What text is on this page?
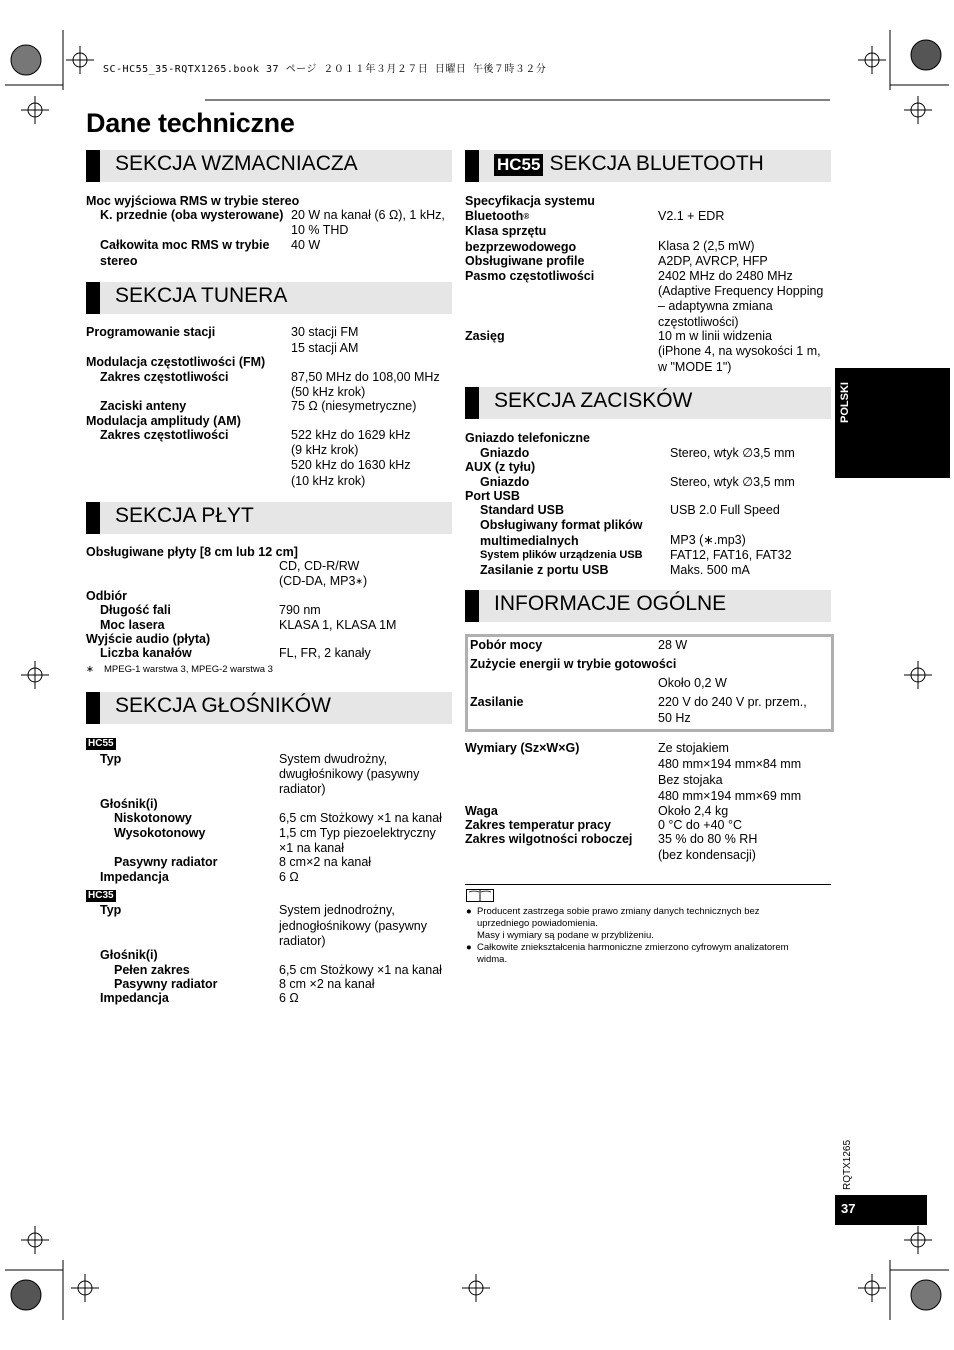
SC-HC55_35-RQTX1265.book 37 ページ ２０１１年３月２７日 日曜日 午後７時３２分
Dane techniczne
SEKCJA WZMACNIACZA
Moc wyjściowa RMS w trybie stereo
K. przednie (oba wysterowane) 20 W na kanał (6 Ω), 1 kHz,
10 % THD
Całkowita moc RMS w trybie
stereo
40 W
SEKCJA TUNERA
Programowanie stacji	30 stacji FM
15 stacji AM
Modulacja częstotliwości (FM)
Zakres częstotliwości	87,50 MHz do 108,00 MHz
(50 kHz krok)
Zaciski anteny	75 Ω (niesymetryczne)
Modulacja amplitudy (AM)
Zakres częstotliwości	522 kHz do 1629 kHz
(9 kHz krok)
520 kHz do 1630 kHz
(10 kHz krok)
SEKCJA PŁYT
Obsługiwane płyty [8 cm lub 12 cm]
CD, CD-R/RW
(CD-DA, MP3∗)
Odbiór
Długość fali	790 nm
Moc lasera	KLASA 1, KLASA 1M
Wyjście audio (płyta)
Liczba kanałów	FL, FR, 2 kanały
∗ MPEG-1 warstwa 3, MPEG-2 warstwa 3
SEKCJA GŁOŚNIKÓW
HC55
Typ	System dwudrożny,
dwugłośnikowy (pasywny
radiator)
Głośnik(i)
Niskotonowy	6,5 cm Stożkowy ×1 na kanał
Wysokotonowy	1,5 cm Typ piezoelektryczny
×1 na kanał
Pasywny radiator	8 cm×2 na kanał
Impedancja	6 Ω
HC35
Typ	System jednodrożny,
jednogłośnikowy (pasywny
radiator)
Głośnik(i)
Pełen zakres	6,5 cm Stożkowy ×1 na kanał
Pasywny radiator	8 cm ×2 na kanał
Impedancja	6 Ω
HC55 SEKCJA BLUETOOTH
Specyfikacja systemu
Bluetooth®	V2.1 + EDR
Klasa sprzętu
bezprzewodowego	Klasa 2 (2,5 mW)
Obsługiwane profile	A2DP, AVRCP, HFP
Pasmo częstotliwości	2402 MHz do 2480 MHz
(Adaptive Frequency Hopping
– adaptywna zmiana
częstotliwości)
Zasięg	10 m w linii widzenia
(iPhone 4, na wysokości 1 m,
w "MODE 1")
SEKCJA ZACISKÓW
Gniazdo telefoniczne
Gniazdo	Stereo, wtyk ∅3,5 mm
AUX (z tyłu)
Gniazdo	Stereo, wtyk ∅3,5 mm
Port USB
Standard USB	USB 2.0 Full Speed
Obsługiwany format plików
multimedialnych	MP3 (∗.mp3)
System plików urządzenia USB FAT12, FAT16, FAT32
Zasilanie z portu USB	Maks. 500 mA
INFORMACJE OGÓLNE
Pobór mocy	28 W
Zużycie energii w trybie gotowości
Około 0,2 W
Zasilanie	220 V do 240 V pr. przem.,
50 Hz
Wymiary (Sz×W×G)	Ze stojakiem
480 mm×194 mm×84 mm
Bez stojaka
480 mm×194 mm×69 mm
Waga	Około 2,4 kg
Zakres temperatur pracy	0 °C do +40 °C
Zakres wilgotności roboczej 35 % do 80 % RH
(bez kondensacji)
● Producent zastrzega sobie prawo zmiany danych technicznych bez
uprzedniego powiadomienia.
Masy i wymiary są podane w przybliżeniu.
● Całkowite zniekształcenia harmoniczne zmierzono cyfrowym analizatorem
widma.
POLSKI
RQTX1265
37
